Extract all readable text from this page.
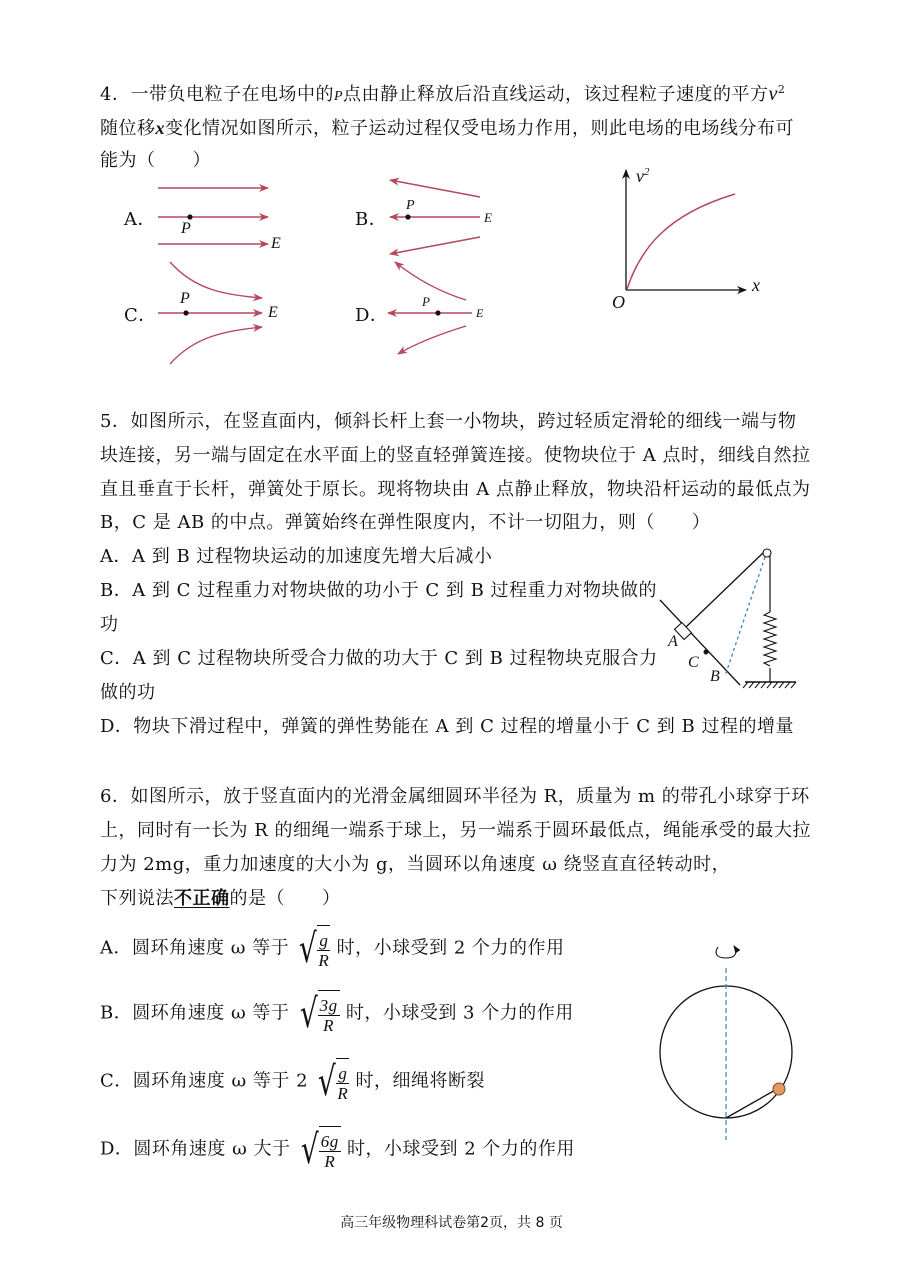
4．一带负电粒子在电场中的P点由静止释放后沿直线运动，该过程粒子速度的平方$v^2$
随位移x变化情况如图所示，粒子运动过程仅受电场力作用，则此电场的电场线分布可
能为（　　）
A．	B．
C．	D．
P
E
P
E
P
E
P
E
$v^2$
x
O
5．如图所示，在竖直面内，倾斜长杆上套一小物块，跨过轻质定滑轮的细线一端与物
块连接，另一端与固定在水平面上的竖直轻弹簧连接。使物块位于 A 点时，细线自然拉
直且垂直于长杆，弹簧处于原长。现将物块由 A 点静止释放，物块沿杆运动的最低点为
B，C 是 AB 的中点。弹簧始终在弹性限度内，不计一切阻力，则（　　）
A．A 到 B 过程物块运动的加速度先增大后减小
B．A 到 C 过程重力对物块做的功小于 C 到 B 过程重力对物块做的
功
C．A 到 C 过程物块所受合力做的功大于 C 到 B 过程物块克服合力
做的功
D．物块下滑过程中，弹簧的弹性势能在 A 到 C 过程的增量小于 C 到 B 过程的增量
A
C
B
6．如图所示，放于竖直面内的光滑金属细圆环半径为 R，质量为 m 的带孔小球穿于环
上，同时有一长为 R 的细绳一端系于球上，另一端系于圆环最低点，绳能承受的最大拉
力为 2mg，重力加速度的大小为 g，当圆环以角速度 ω 绕竖直直径转动时，
下列说法不正确的是（　　）
A．圆环角速度 ω 等于 √ $\frac{g}{R}$ 时，小球受到 2 个力的作用
B．圆环角速度 ω 等于 √ $\frac{3g}{R}$ 时，小球受到 3 个力的作用
C．圆环角速度 ω 等于 2 √ $\frac{g}{R}$ 时，细绳将断裂
D．圆环角速度 ω 大于 √ $\frac{6g}{R}$ 时，小球受到 2 个力的作用
高三年级物理科试卷第2页，共 8 页
